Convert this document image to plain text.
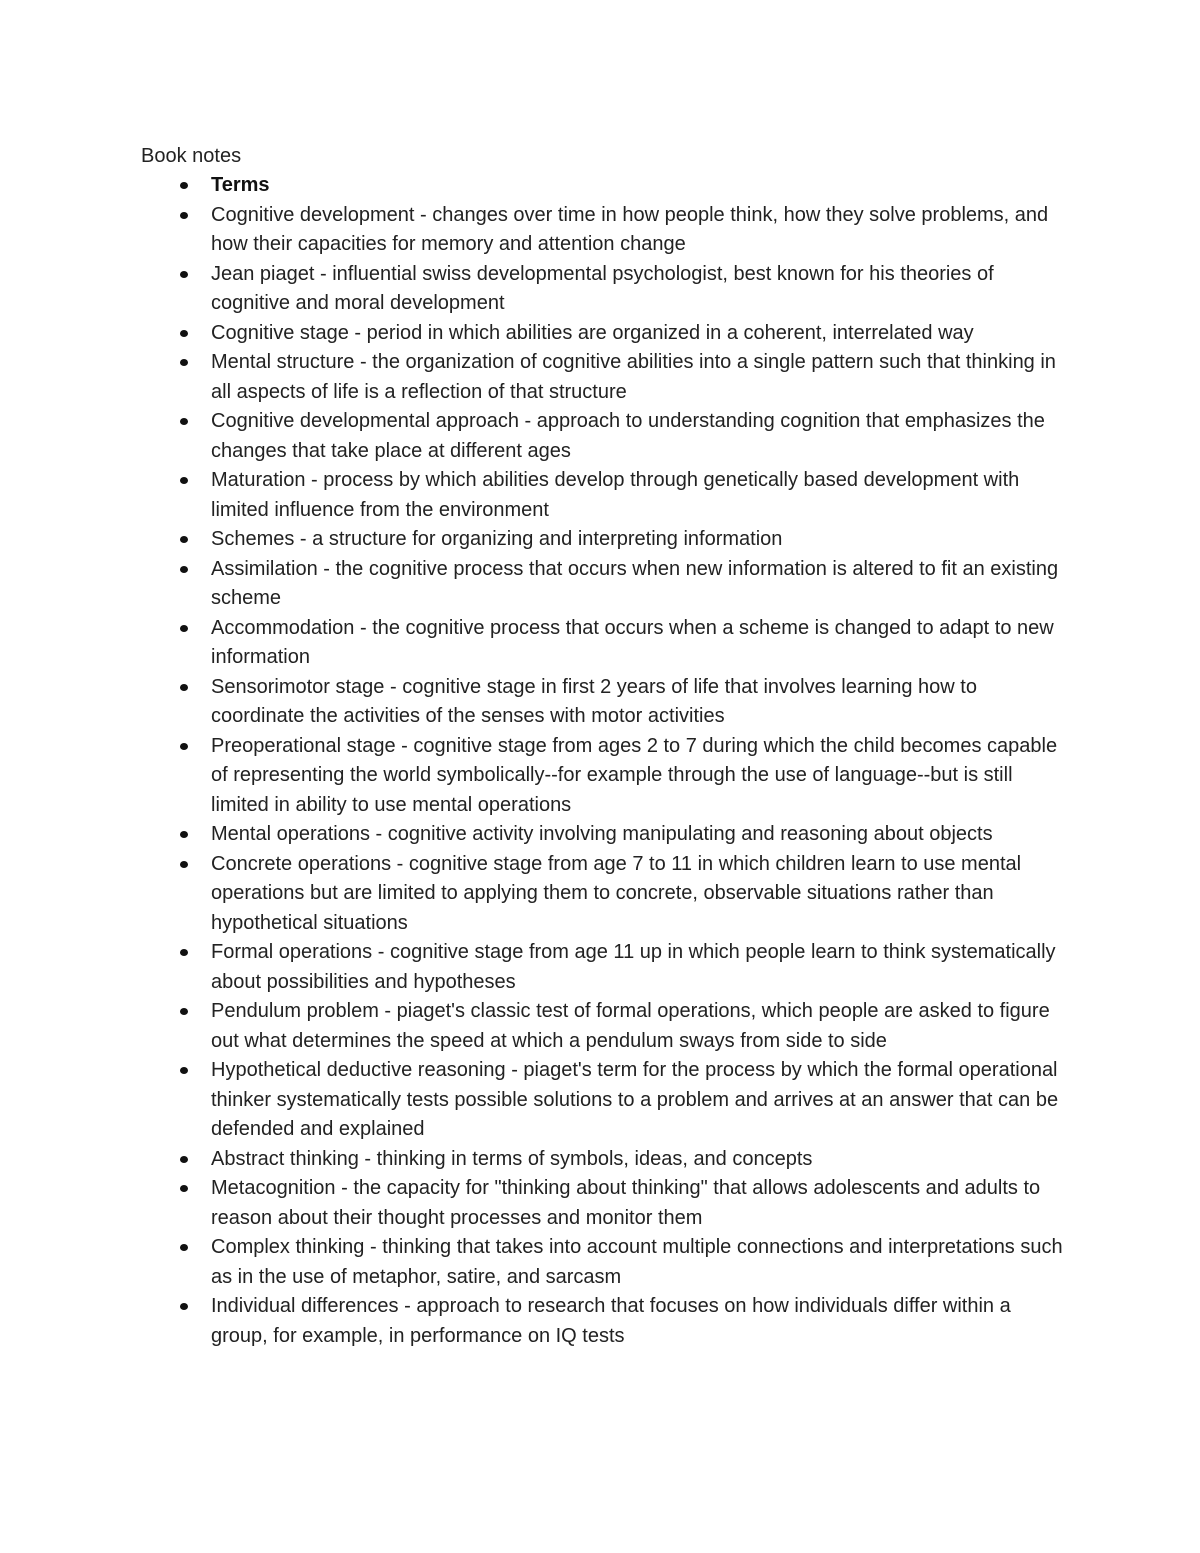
Book notes
Terms
Cognitive development - changes over time in how people think, how they solve problems, and how their capacities for memory and attention change
Jean piaget - influential swiss developmental psychologist, best known for his theories of cognitive and moral development
Cognitive stage - period in which abilities are organized in a coherent, interrelated way
Mental structure - the organization of cognitive abilities into a single pattern such that thinking in all aspects of life is a reflection of that structure
Cognitive developmental approach - approach to understanding cognition that emphasizes the changes that take place at different ages
Maturation - process by which abilities develop through genetically based development with limited influence from the environment
Schemes - a structure for organizing and interpreting information
Assimilation - the cognitive process that occurs when new information is altered to fit an existing scheme
Accommodation - the cognitive process that occurs when a scheme is changed to adapt to new information
Sensorimotor stage - cognitive stage in first 2 years of life that involves learning how to coordinate the activities of the senses with motor activities
Preoperational stage - cognitive stage from ages 2 to 7 during which the child becomes capable of representing the world symbolically--for example through the use of language--but is still limited in ability to use mental operations
Mental operations - cognitive activity involving manipulating and reasoning about objects
Concrete operations - cognitive stage from age 7 to 11 in which children learn to use mental operations but are limited to applying them to concrete, observable situations rather than hypothetical situations
Formal operations - cognitive stage from age 11 up in which people learn to think systematically about possibilities and hypotheses
Pendulum problem - piaget's classic test of formal operations, which people are asked to figure out what determines the speed at which a pendulum sways from side to side
Hypothetical deductive reasoning - piaget's term for the process by which the formal operational thinker systematically tests possible solutions to a problem and arrives at an answer that can be defended and explained
Abstract thinking - thinking in terms of symbols, ideas, and concepts
Metacognition - the capacity for "thinking about thinking" that allows adolescents and adults to reason about their thought processes and monitor them
Complex thinking - thinking that takes into account multiple connections and interpretations such as in the use of metaphor, satire, and sarcasm
Individual differences - approach to research that focuses on how individuals differ within a group, for example, in performance on IQ tests
